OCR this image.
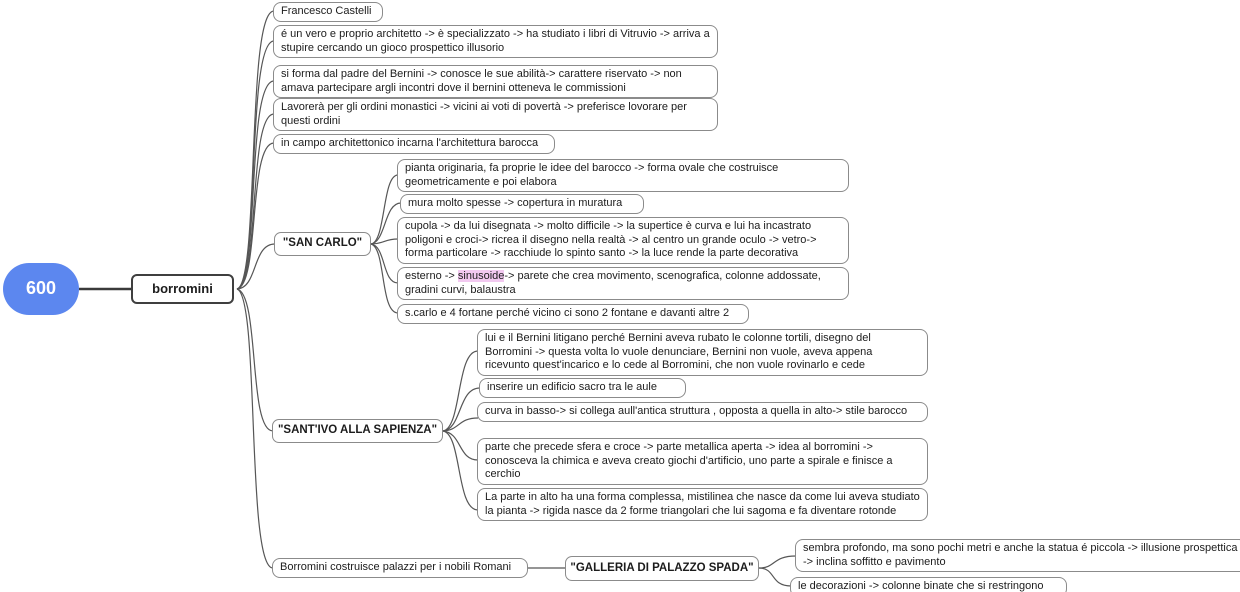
600	borromini
Francesco Castelli
é un vero e proprio architetto -> è specializzato -> ha studiato i libri di Vitruvio -> arriva a stupire cercando un gioco prospettico illusorio
si forma dal padre del Bernini -> conosce le sue abilità-> carattere riservato -> non amava partecipare argli incontri dove il bernini otteneva le commissioni
Lavorerà per gli ordini monastici -> vicini ai voti di povertà -> preferisce lovorare per questi ordini
in campo architettonico incarna l'architettura barocca
"SAN CARLO"
pianta originaria, fa proprie le idee del barocco -> forma ovale che costruisce geometricamente e poi elabora
mura molto spesse -> copertura in muratura
cupola -> da lui disegnata -> molto difficile -> la supertice è curva e lui ha incastrato poligoni e croci-> ricrea il disegno nella realtà -> al centro un grande oculo -> vetro-> forma particolare -> racchiude lo spinto santo -> la luce rende la parte decorativa
esterno -> sinusoide-> parete che crea movimento, scenografica, colonne addossate, gradini curvi, balaustra
s.carlo e 4 fortane perché vicino ci sono 2 fontane e davanti altre 2
"SANT'IVO ALLA SAPIENZA"
lui e il Bernini litigano perché Bernini aveva rubato le colonne tortili, disegno del Borromini -> questa volta lo vuole denunciare, Bernini non vuole, aveva appena ricevunto quest'incarico e lo cede al Borromini, che non vuole rovinarlo e cede
inserire un edificio sacro tra le aule
curva in basso-> si collega aull'antica struttura , opposta a quella in alto-> stile barocco
parte che precede sfera e croce -> parte metallica aperta -> idea al borromini -> conosceva la chimica e aveva creato giochi d'artificio, uno parte a spirale e finisce a cerchio
La parte in alto ha una forma complessa, mistilinea che nasce da come lui aveva studiato la pianta -> rigida nasce da 2 forme triangolari che lui sagoma e fa diventare rotonde
Borromini costruisce palazzi per i nobili Romani	"GALLERIA DI PALAZZO SPADA"
sembra profondo, ma sono pochi metri e anche la statua é piccola -> illusione prospettica -> inclina soffitto e pavimento
le decorazioni -> colonne binate che si restringono
